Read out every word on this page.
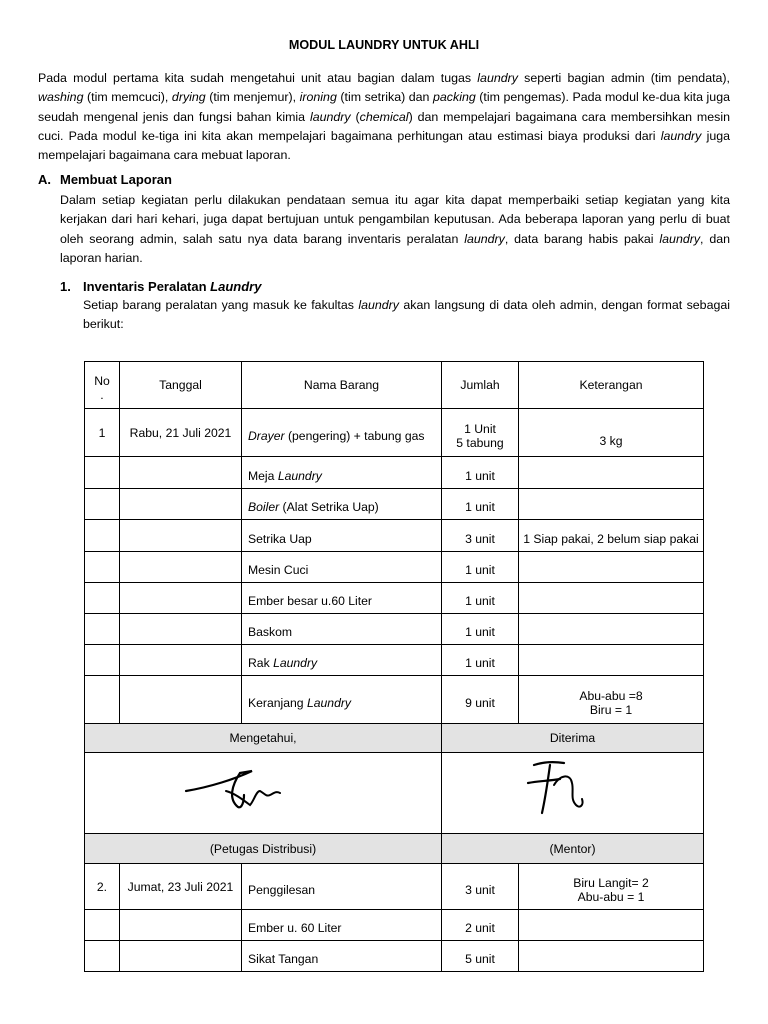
MODUL LAUNDRY UNTUK AHLI
Pada modul pertama kita sudah mengetahui unit atau bagian dalam tugas laundry seperti bagian admin (tim pendata), washing (tim memcuci), drying (tim menjemur), ironing (tim setrika) dan packing (tim pengemas). Pada modul ke-dua kita juga seudah mengenal jenis dan fungsi bahan kimia laundry (chemical) dan mempelajari bagaimana cara membersihkan mesin cuci. Pada modul ke-tiga ini kita akan mempelajari bagaimana perhitungan atau estimasi biaya produksi dari laundry juga mempelajari bagaimana cara mebuat laporan.
A. Membuat Laporan
Dalam setiap kegiatan perlu dilakukan pendataan semua itu agar kita dapat memperbaiki setiap kegiatan yang kita kerjakan dari hari kehari, juga dapat bertujuan untuk pengambilan keputusan. Ada beberapa laporan yang perlu di buat oleh seorang admin, salah satu nya data barang inventaris peralatan laundry, data barang habis pakai laundry, dan laporan harian.
1. Inventaris Peralatan Laundry
Setiap barang peralatan yang masuk ke fakultas laundry akan langsung di data oleh admin, dengan format sebagai berikut:
No
.	Tanggal	Nama Barang	Jumlah	Keterangan
1	Rabu, 21 Juli 2021	Drayer (pengering) + tabung gas	1 Unit
5 tabung	3 kg

		Meja Laundry	1 unit	

		Boiler (Alat Setrika Uap)	1 unit	

		Setrika Uap	3 unit	1 Siap pakai, 2 belum siap pakai

		Mesin Cuci	1 unit	

		Ember besar u.60 Liter	1 unit	

		Baskom	1 unit	

		Rak Laundry	1 unit	

		Keranjang Laundry	9 unit	Abu-abu =8
Biru = 1

Mengetahui,			Diterima	

(Petugas Distribusi)			(Mentor)	
2.	Jumat, 23 Juli 2021	Penggilesan	3 unit	Biru Langit= 2
Abu-abu = 1

		Ember u. 60 Liter	2 unit	

		Sikat Tangan	5 unit	
